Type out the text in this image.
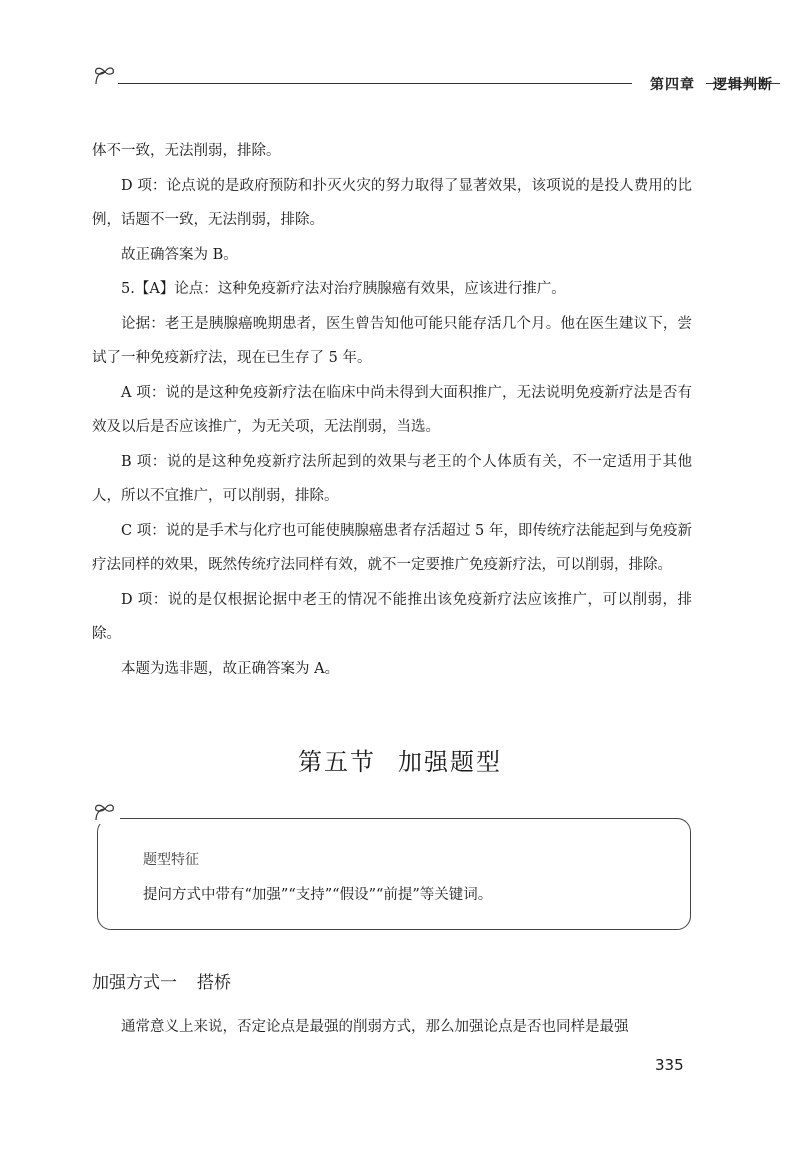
第四章 逻辑判断

体不一致，无法削弱，排除。

D 项：论点说的是政府预防和扑灭火灾的努力取得了显著效果，该项说的是投人费用的比例，话题不一致，无法削弱，排除。

故正确答案为 B。

5.【A】论点：这种免疫新疗法对治疗胰腺癌有效果，应该进行推广。

论据：老王是胰腺癌晚期患者，医生曾告知他可能只能存活几个月。他在医生建议下，尝试了一种免疫新疗法，现在已生存了 5 年。

A 项：说的是这种免疫新疗法在临床中尚未得到大面积推广，无法说明免疫新疗法是否有效及以后是否应该推广，为无关项，无法削弱，当选。

B 项：说的是这种免疫新疗法所起到的效果与老王的个人体质有关，不一定适用于其他人，所以不宜推广，可以削弱，排除。

C 项：说的是手术与化疗也可能使胰腺癌患者存活超过 5 年，即传统疗法能起到与免疫新疗法同样的效果，既然传统疗法同样有效，就不一定要推广免疫新疗法，可以削弱，排除。

D 项：说的是仅根据论据中老王的情况不能推出该免疫新疗法应该推广，可以削弱，排除。

本题为选非题，故正确答案为 A。

第五节 加强题型
题型特征
提问方式中带有“加强”“支持”“假设”“前提”等关键词。
加强方式一 搭桥
通常意义上来说，否定论点是最强的削弱方式，那么加强论点是否也同样是最强
335
